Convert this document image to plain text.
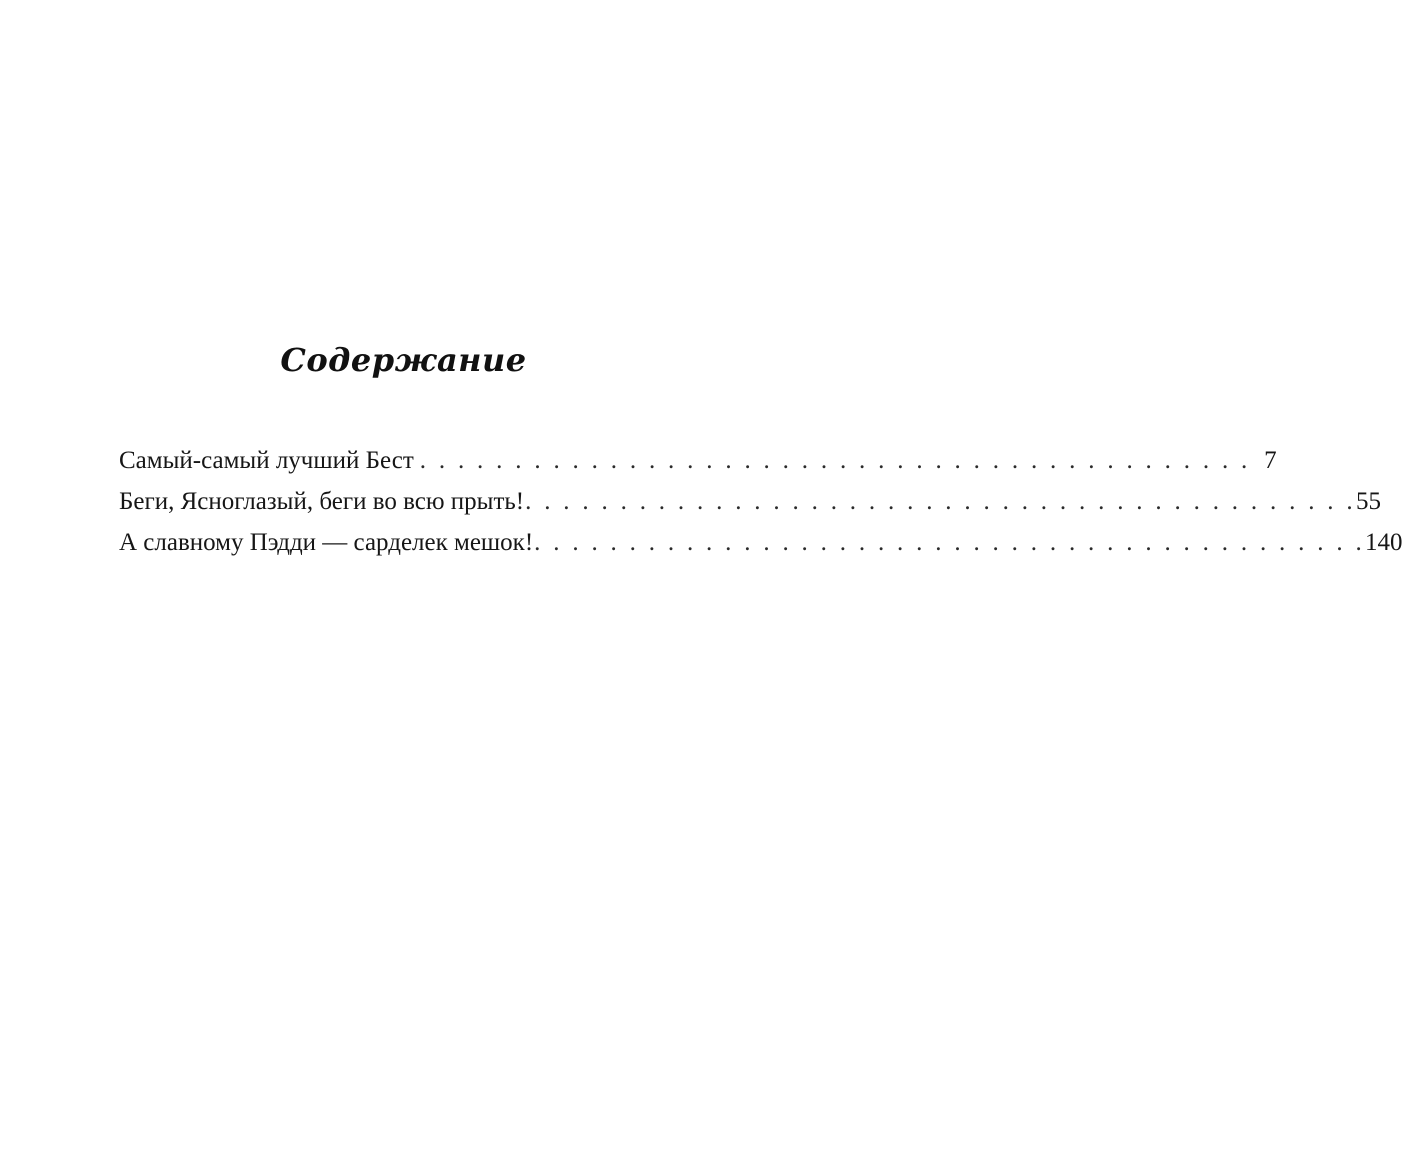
Содержание
Самый-самый лучший Бест . . . . . . . . . . . . . . . . . . . . . . . . . . . . . . . . . . . . . . . . . . . . 7
Беги, Ясноглазый, беги во всю прыть! . . . . . . . . . . . . . . . . . . . . . . . . . . . . . . . . . . . . . . . . . . . . 55
А славному Пэдди — сарделек мешок! . . . . . . . . . . . . . . . . . . . . . . . . . . . . . . . . . . . . . . . . . . . . 140
